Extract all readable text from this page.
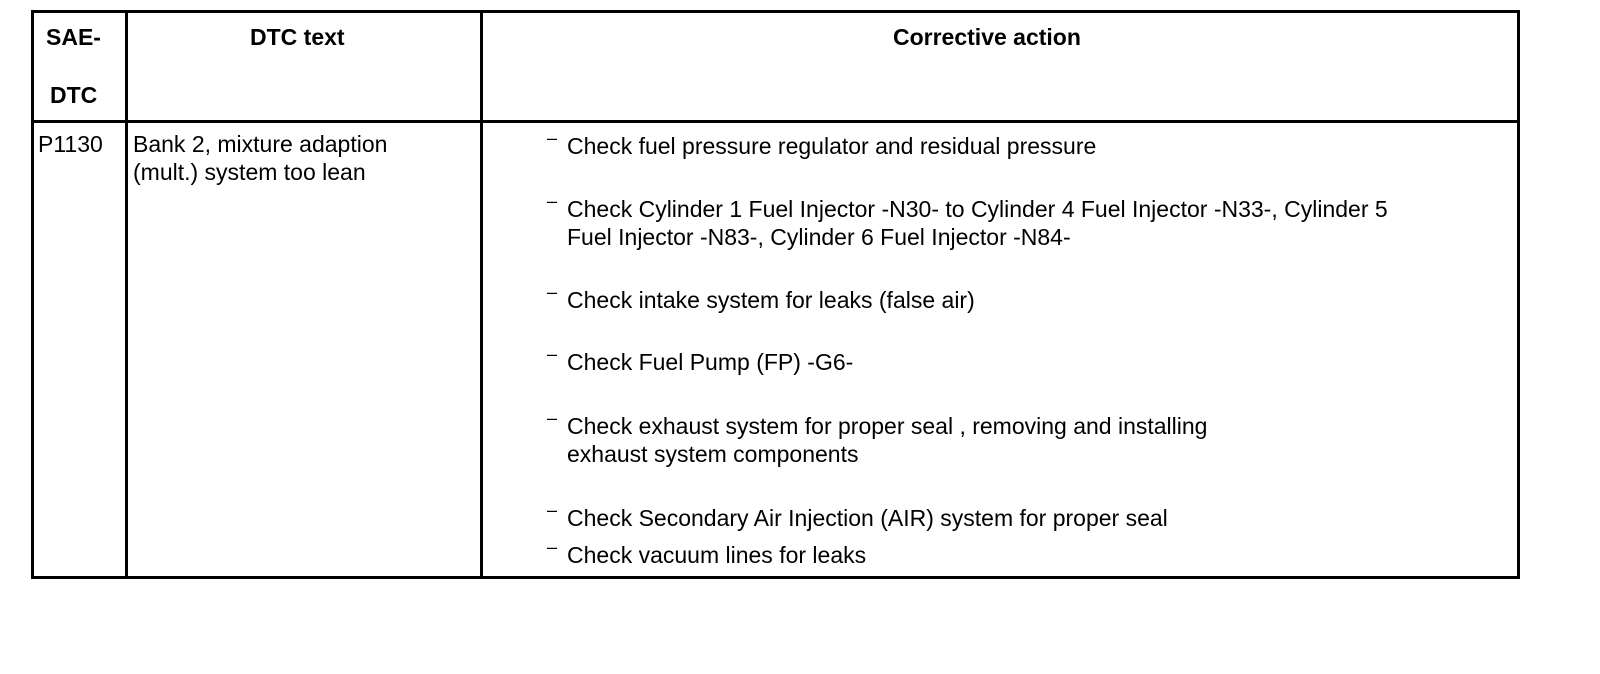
SAE-
DTC
DTC text	Corrective action
P1130 Bank 2, mixture adaption
(mult.) system too lean
– Check fuel pressure regulator and residual pressure
– Check Cylinder 1 Fuel Injector -N30- to Cylinder 4 Fuel Injector -N33-, Cylinder 5
Fuel Injector -N83-, Cylinder 6 Fuel Injector -N84-
– Check intake system for leaks (false air)
– Check Fuel Pump (FP) -G6-
– Check exhaust system for proper seal , removing and installing
exhaust system components
– Check Secondary Air Injection (AIR) system for proper seal
– Check vacuum lines for leaks
